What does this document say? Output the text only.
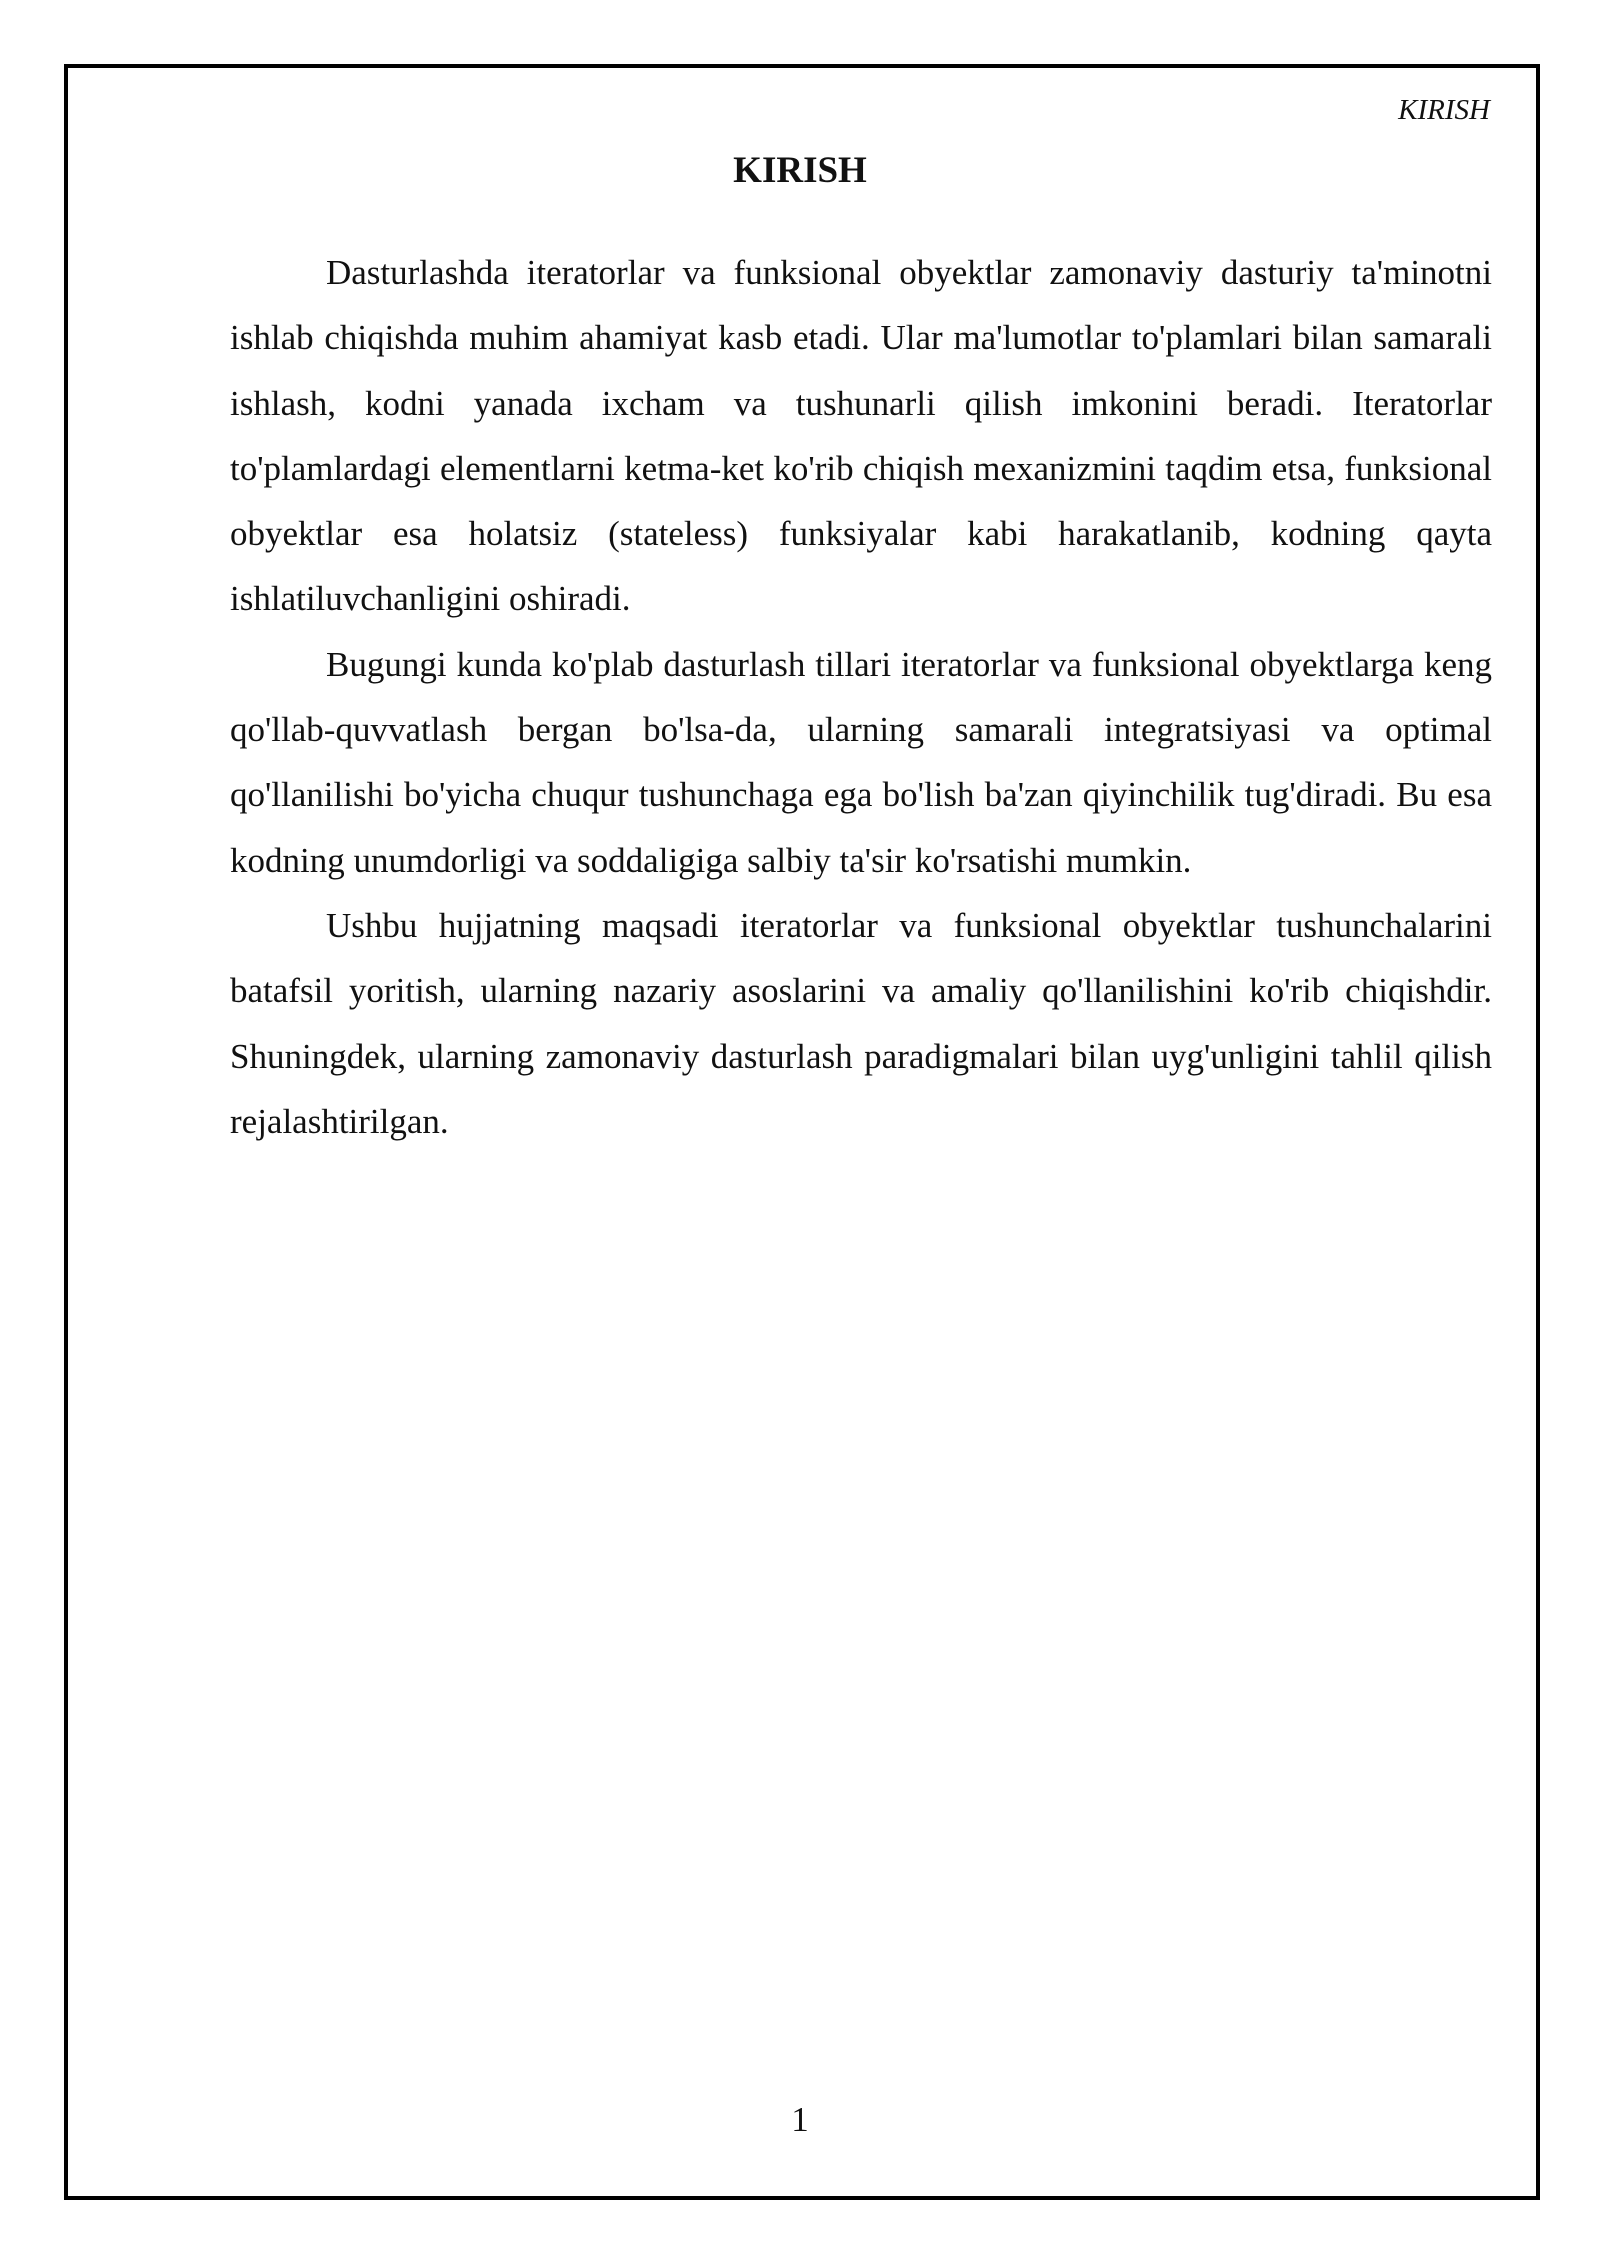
KIRISH
KIRISH

Dasturlashda iteratorlar va funksional obyektlar zamonaviy dasturiy ta'minotni ishlab chiqishda muhim ahamiyat kasb etadi. Ular ma'lumotlar to'plamlari bilan samarali ishlash, kodni yanada ixcham va tushunarli qilish imkonini beradi. Iteratorlar to'plamlardagi elementlarni ketma-ket ko'rib chiqish mexanizmini taqdim etsa, funksional obyektlar esa holatsiz (stateless) funksiyalar kabi harakatlanib, kodning qayta ishlatiluvchanligini oshiradi.

Bugungi kunda ko'plab dasturlash tillari iteratorlar va funksional obyektlarga keng qo'llab-quvvatlash bergan bo'lsa-da, ularning samarali integratsiyasi va optimal qo'llanilishi bo'yicha chuqur tushunchaga ega bo'lish ba'zan qiyinchilik tug'diradi. Bu esa kodning unumdorligi va soddaligiga salbiy ta'sir ko'rsatishi mumkin.

Ushbu hujjatning maqsadi iteratorlar va funksional obyektlar tushunchalarini batafsil yoritish, ularning nazariy asoslarini va amaliy qo'llanilishini ko'rib chiqishdir. Shuningdek, ularning zamonaviy dasturlash paradigmalari bilan uyg'unligini tahlil qilish rejalashtirilgan.

1
